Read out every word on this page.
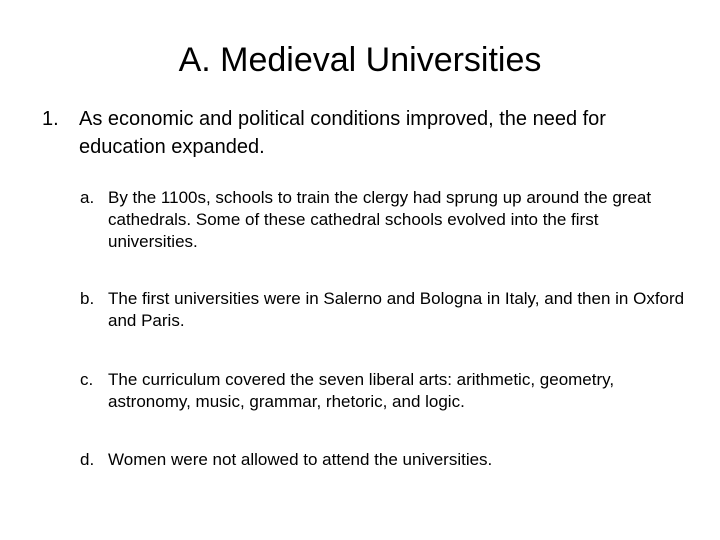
A. Medieval Universities
1.	As economic and political conditions improved, the need for education expanded.
a. By the 1100s, schools to train the clergy had sprung up around the great cathedrals. Some of these cathedral schools evolved into the first universities.
b. The first universities were in Salerno and Bologna in Italy, and then in Oxford and Paris.
c. The curriculum covered the seven liberal arts: arithmetic, geometry, astronomy, music, grammar, rhetoric, and logic.
d. Women were not allowed to attend the universities.
